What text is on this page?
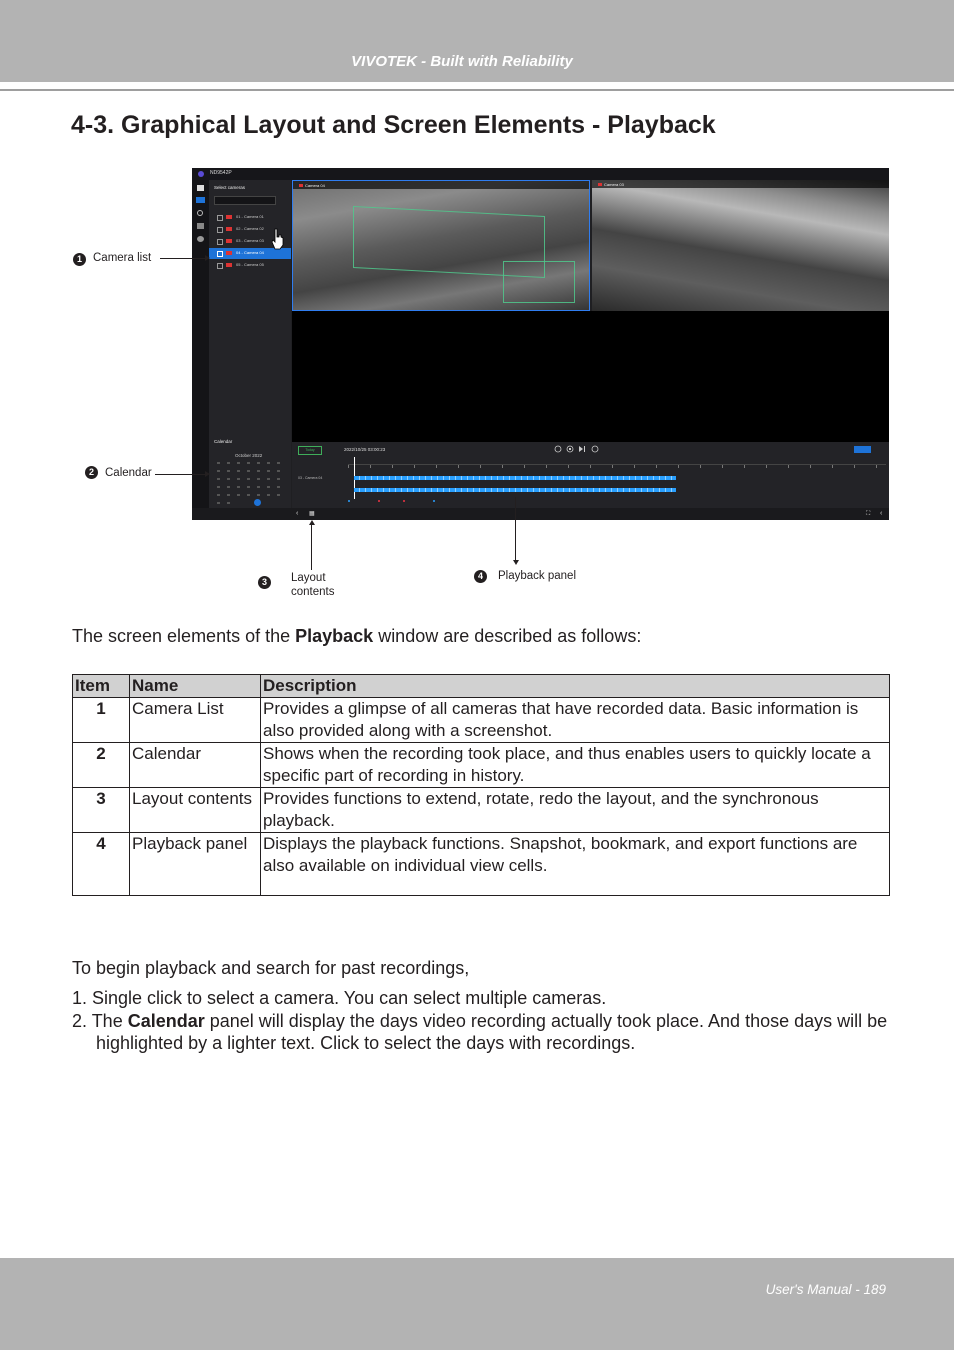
VIVOTEK - Built with Reliability
4-3. Graphical Layout and Screen Elements - Playback
ND9542P
Select cameras
01 - Camera 01
02 - Camera 02
03 - Camera 03
04 - Camera 04
05 - Camera 05
Calendar
October 2022
Camera 04	Camera 03
Today	2022/10/25 03:00:23
03 - Camera 04
‹ ▦	⛶ ‹
1 Camera list
2 Calendar
3	Layout
contents
4	Playback panel

The screen elements of the Playback window are described as follows:

Item	Name	Description
1	Camera List	Provides a glimpse of all cameras that have recorded data. Basic information is also provided along with a screenshot.
2	Calendar	Shows when the recording took place, and thus enables users to quickly locate a specific part of recording in history.
3	Layout contents	Provides functions to extend, rotate, redo the layout, and the synchronous playback.
4	Playback panel	Displays the playback functions. Snapshot, bookmark, and export functions are also available on individual view cells.

To begin playback and search for past recordings,

1. Single click to select a camera. You can select multiple cameras.
2. The Calendar panel will display the days video recording actually took place. And those days will be highlighted by a lighter text. Click to select the days with recordings.
User's Manual - 189
